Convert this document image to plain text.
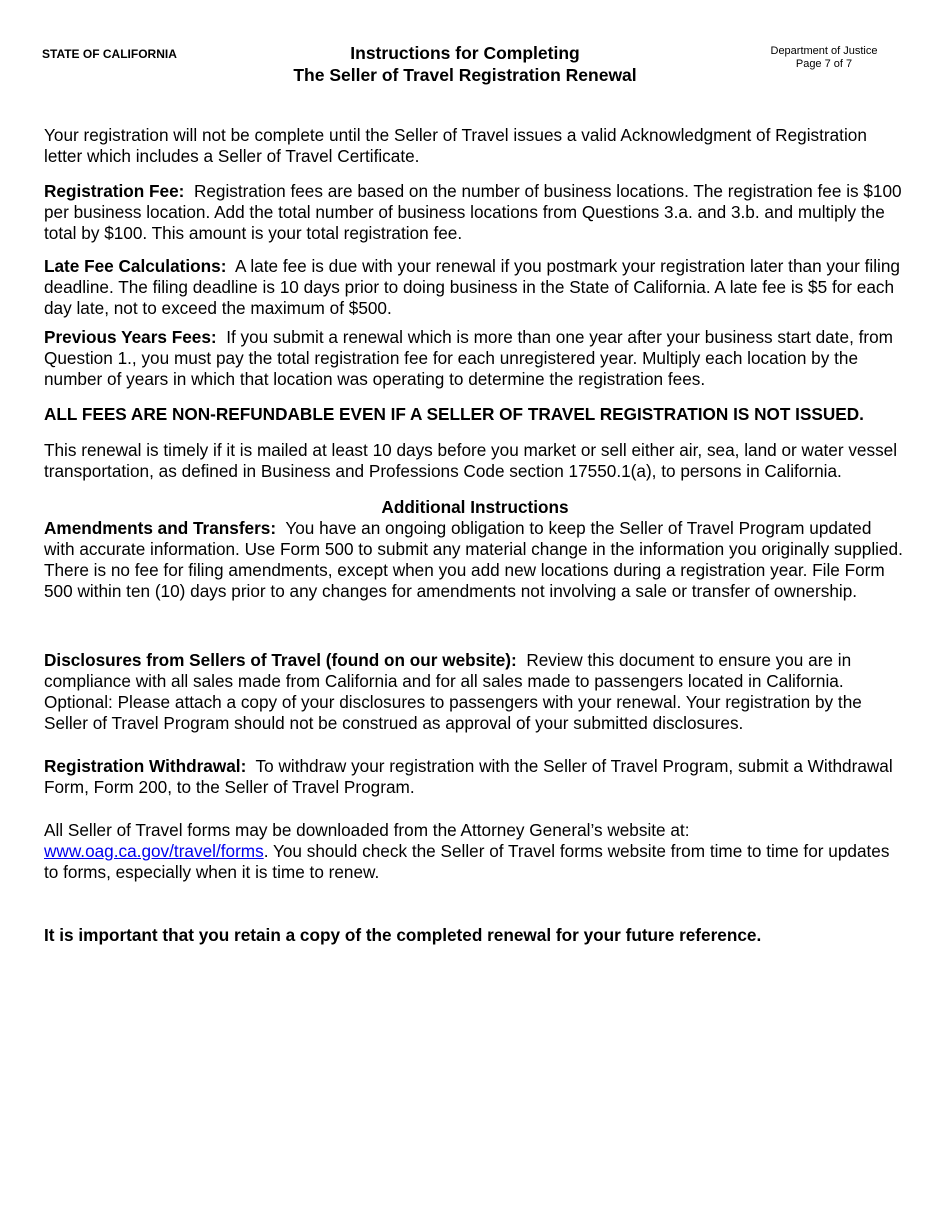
STATE OF CALIFORNIA	Instructions for Completing
The Seller of Travel Registration Renewal
Department of Justice
Page 7 of 7

Your registration will not be complete until the Seller of Travel issues a valid Acknowledgment of Registration letter which includes a Seller of Travel Certificate.

Registration Fee: Registration fees are based on the number of business locations. The registration fee is $100 per business location. Add the total number of business locations from Questions 3.a. and 3.b. and multiply the total by $100. This amount is your total registration fee.

Late Fee Calculations: A late fee is due with your renewal if you postmark your registration later than your filing deadline. The filing deadline is 10 days prior to doing business in the State of California. A late fee is $5 for each day late, not to exceed the maximum of $500.

Previous Years Fees: If you submit a renewal which is more than one year after your business start date, from Question 1., you must pay the total registration fee for each unregistered year. Multiply each location by the number of years in which that location was operating to determine the registration fees.

ALL FEES ARE NON-REFUNDABLE EVEN IF A SELLER OF TRAVEL REGISTRATION IS NOT ISSUED.

This renewal is timely if it is mailed at least 10 days before you market or sell either air, sea, land or water vessel transportation, as defined in Business and Professions Code section 17550.1(a), to persons in California.

Additional Instructions

Amendments and Transfers: You have an ongoing obligation to keep the Seller of Travel Program updated with accurate information. Use Form 500 to submit any material change in the information you originally supplied. There is no fee for filing amendments, except when you add new locations during a registration year. File Form 500 within ten (10) days prior to any changes for amendments not involving a sale or transfer of ownership.

Disclosures from Sellers of Travel (found on our website): Review this document to ensure you are in compliance with all sales made from California and for all sales made to passengers located in California. Optional: Please attach a copy of your disclosures to passengers with your renewal. Your registration by the Seller of Travel Program should not be construed as approval of your submitted disclosures.

Registration Withdrawal: To withdraw your registration with the Seller of Travel Program, submit a Withdrawal Form, Form 200, to the Seller of Travel Program.

All Seller of Travel forms may be downloaded from the Attorney General’s website at:
www.oag.ca.gov/travel/forms. You should check the Seller of Travel forms website from time to time for updates to forms, especially when it is time to renew.

It is important that you retain a copy of the completed renewal for your future reference.
